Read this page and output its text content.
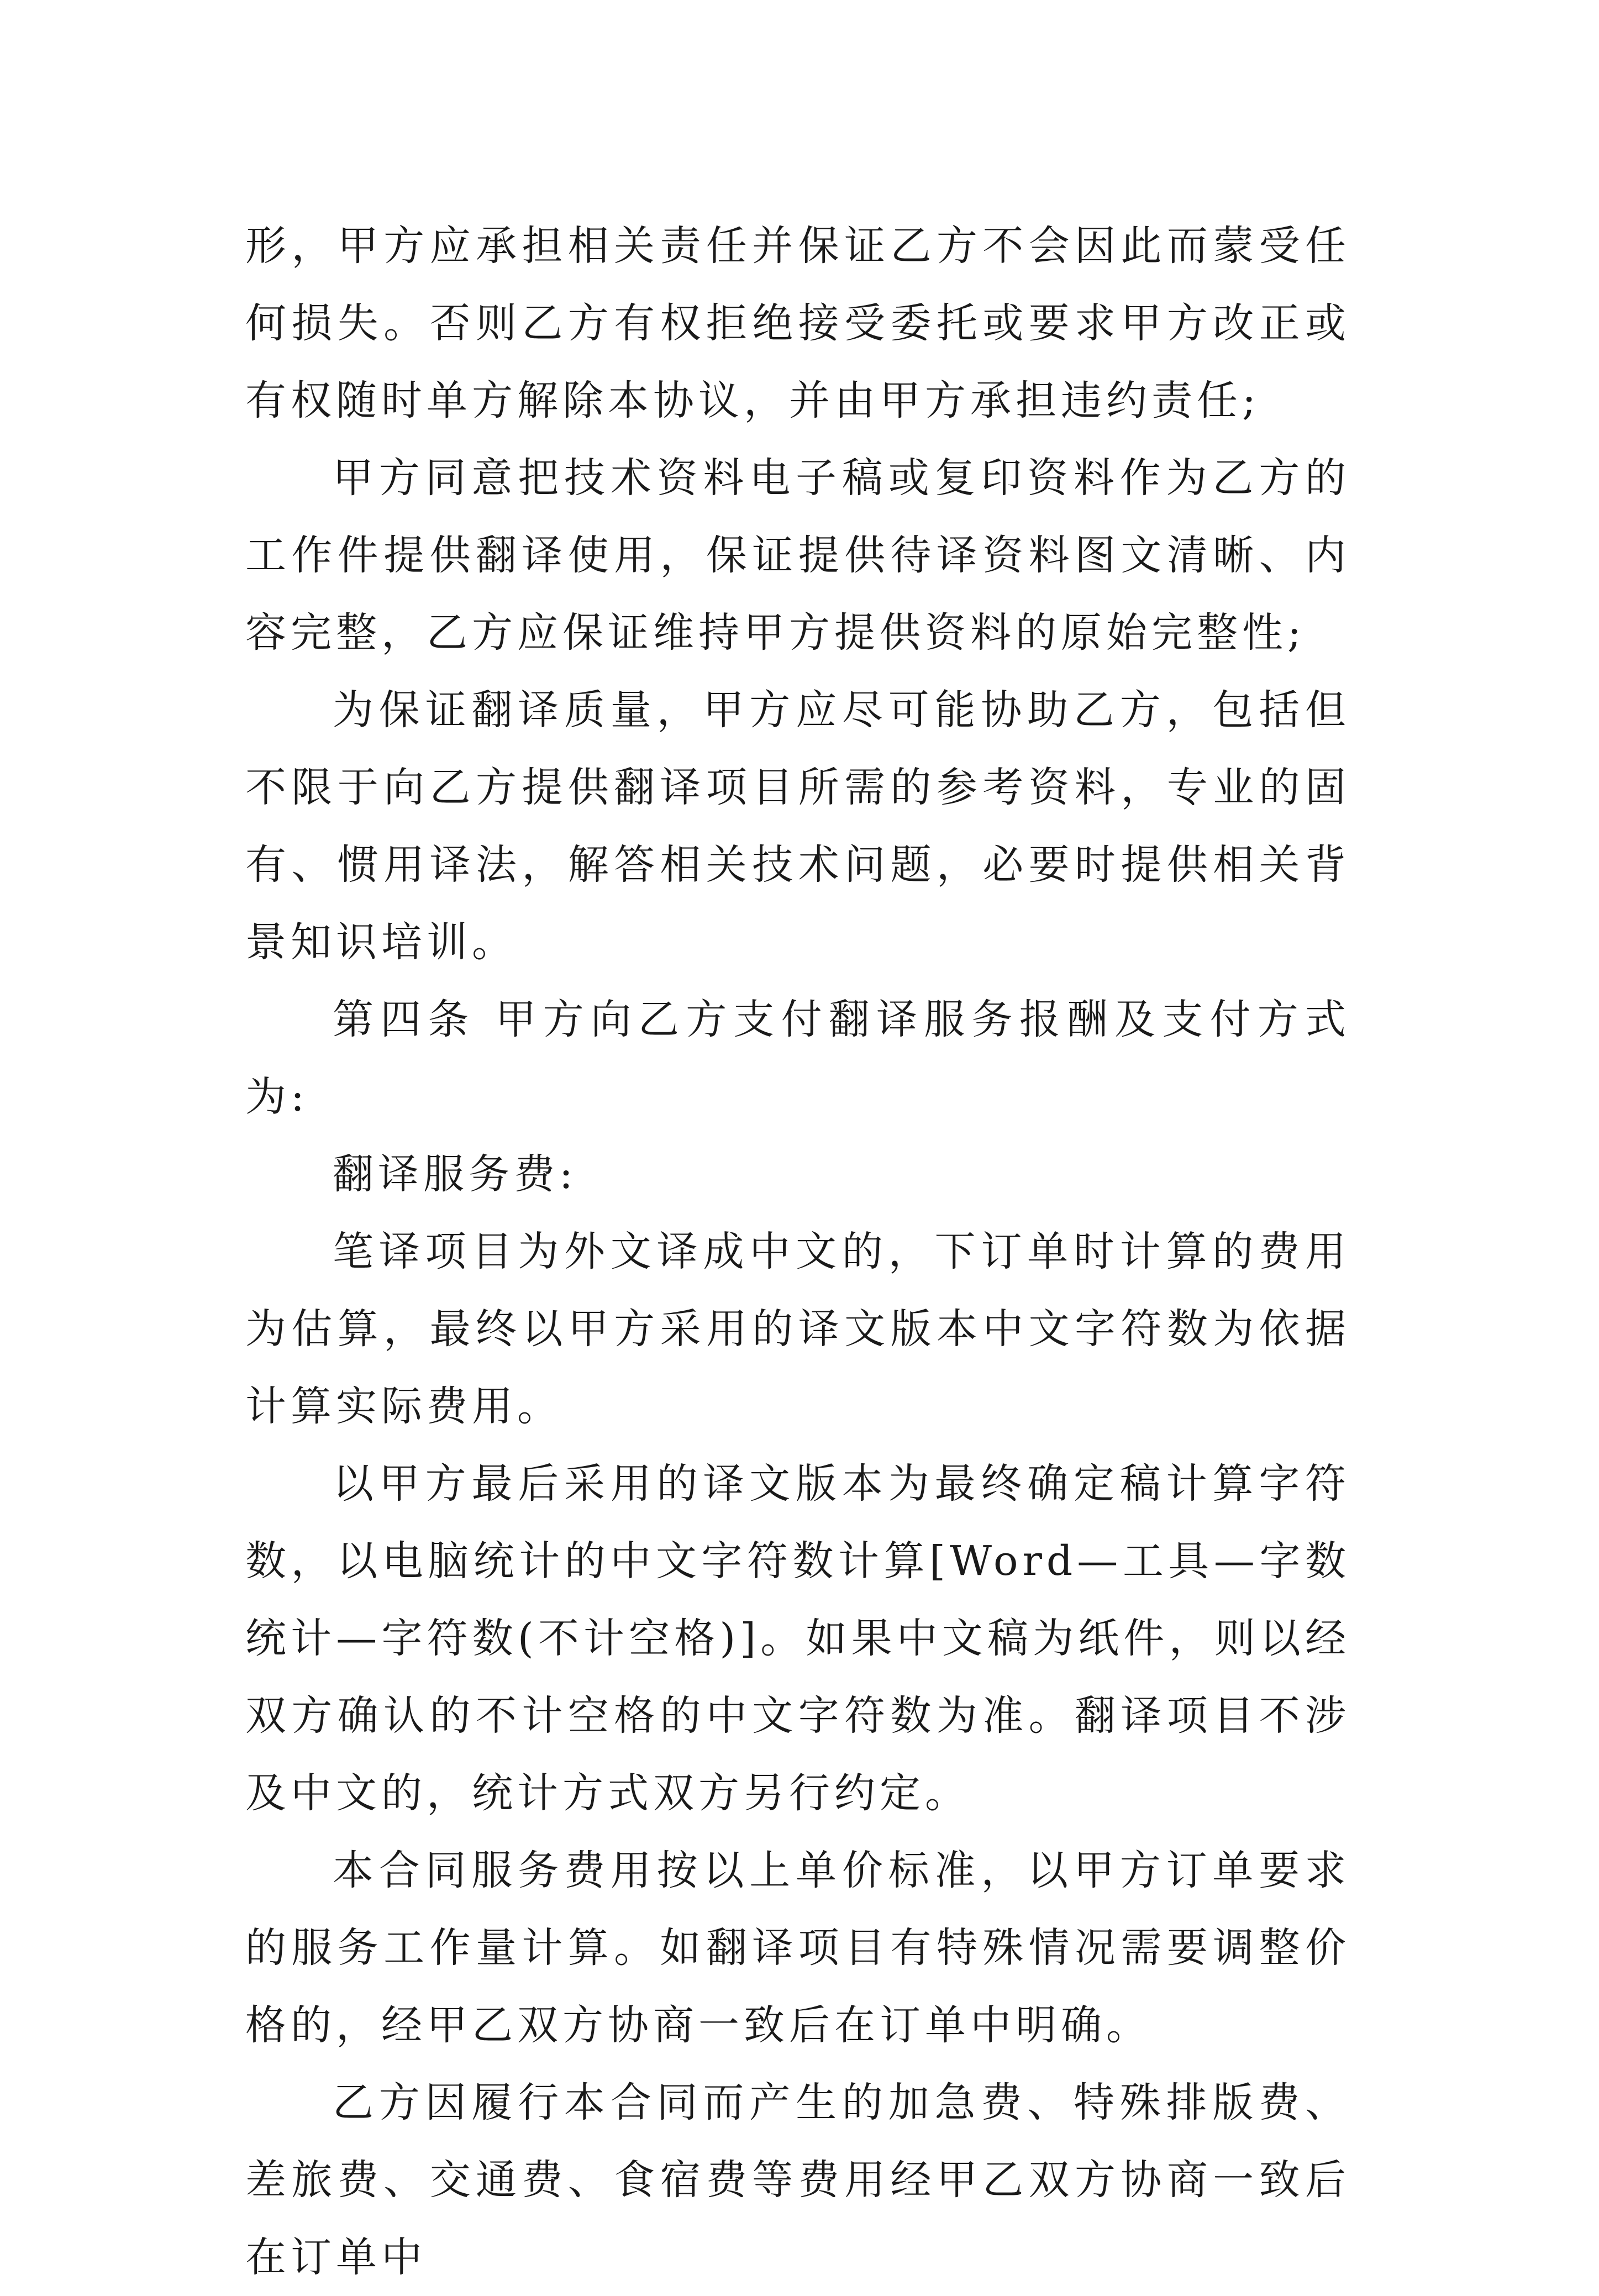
形，甲方应承担相关责任并保证乙方不会因此而蒙受任何损失。否则乙方有权拒绝接受委托或要求甲方改正或有权随时单方解除本协议，并由甲方承担违约责任;

甲方同意把技术资料电子稿或复印资料作为乙方的工作件提供翻译使用，保证提供待译资料图文清晰、内容完整，乙方应保证维持甲方提供资料的原始完整性;

为保证翻译质量，甲方应尽可能协助乙方，包括但不限于向乙方提供翻译项目所需的参考资料，专业的固有、惯用译法，解答相关技术问题，必要时提供相关背景知识培训。

第四条 甲方向乙方支付翻译服务报酬及支付方式为:

翻译服务费:

笔译项目为外文译成中文的，下订单时计算的费用为估算，最终以甲方采用的译文版本中文字符数为依据计算实际费用。

以甲方最后采用的译文版本为最终确定稿计算字符数，以电脑统计的中文字符数计算[Word—工具—字数统计—字符数(不计空格)]。如果中文稿为纸件，则以经双方确认的不计空格的中文字符数为准。翻译项目不涉及中文的，统计方式双方另行约定。

本合同服务费用按以上单价标准，以甲方订单要求的服务工作量计算。如翻译项目有特殊情况需要调整价格的，经甲乙双方协商一致后在订单中明确。

乙方因履行本合同而产生的加急费、特殊排版费、差旅费、交通费、食宿费等费用经甲乙双方协商一致后在订单中
